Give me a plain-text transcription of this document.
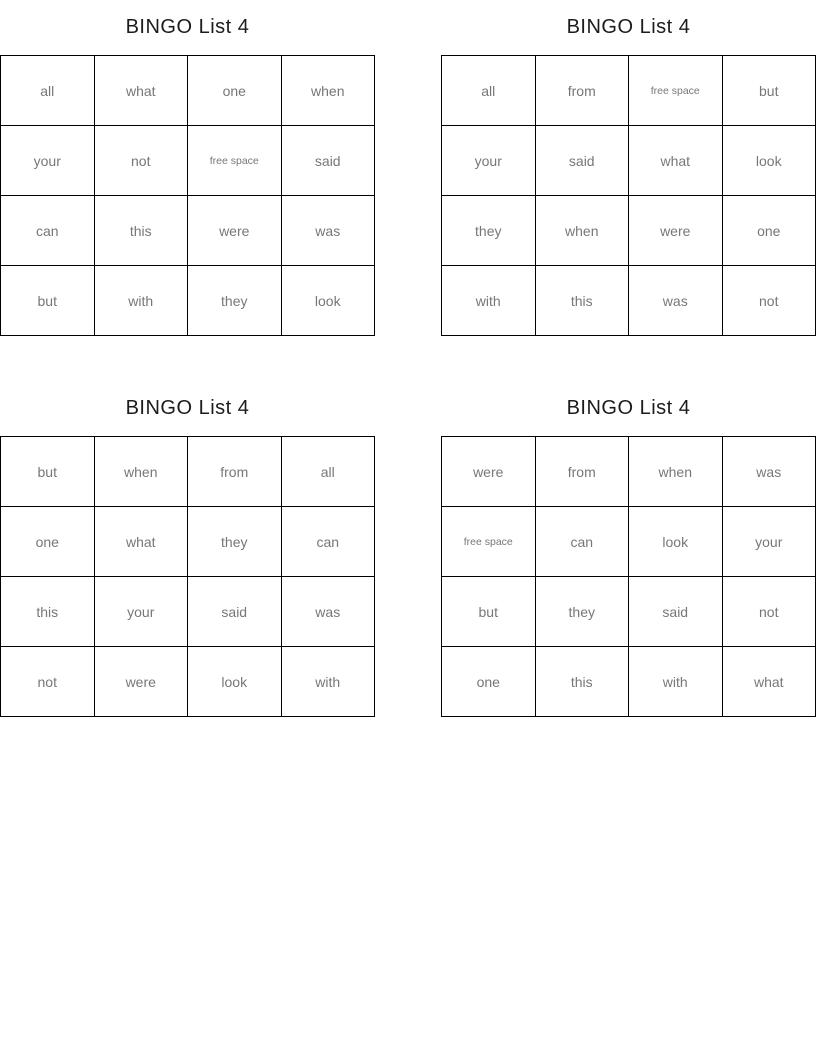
BINGO List 4
all	what	one	when
your	not	free space	said
can	this	were	was
but	with	they	look
BINGO List 4
all	from	free space	but
your	said	what	look
they	when	were	one
with	this	was	not
BINGO List 4
but	when	from	all
one	what	they	can
this	your	said	was
not	were	look	with
BINGO List 4
were	from	when	was
free space	can	look	your
but	they	said	not
one	this	with	what
